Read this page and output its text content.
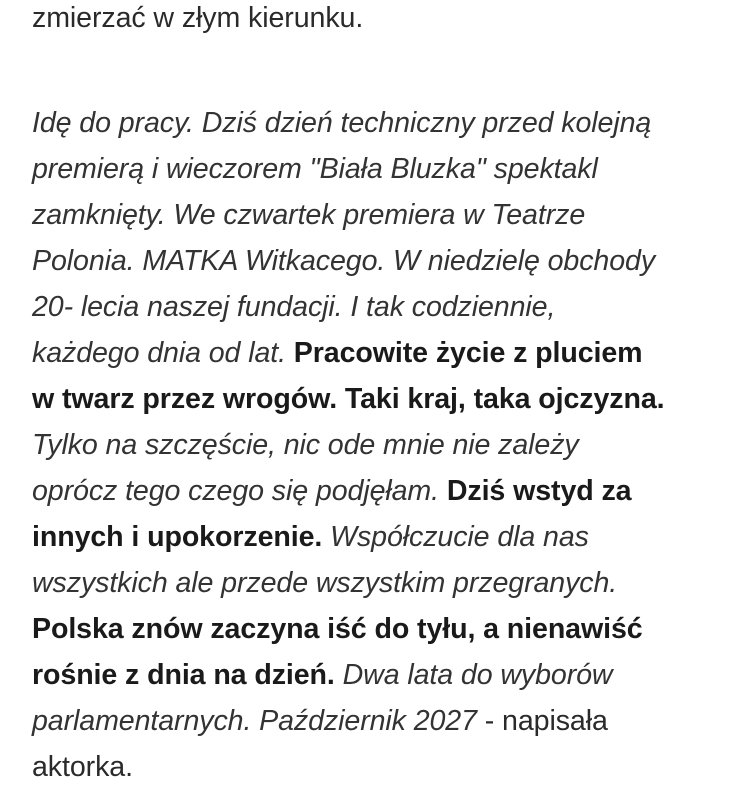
zmierzać w złym kierunku.
Idę do pracy. Dziś dzień techniczny przed kolejną
premierą i wieczorem "Biała Bluzka" spektakl
zamknięty. We czwartek premiera w Teatrze
Polonia. MATKA Witkacego. W niedzielę obchody
20- lecia naszej fundacji. I tak codziennie,
każdego dnia od lat. Pracowite życie z pluciem
w twarz przez wrogów. Taki kraj, taka ojczyzna.
Tylko na szczęście, nic ode mnie nie zależy
oprócz tego czego się podjęłam. Dziś wstyd za
innych i upokorzenie. Współczucie dla nas
wszystkich ale przede wszystkim przegranych.
Polska znów zaczyna iść do tyłu, a nienawiść
rośnie z dnia na dzień. Dwa lata do wyborów
parlamentarnych. Październik 2027 - napisała
aktorka.
